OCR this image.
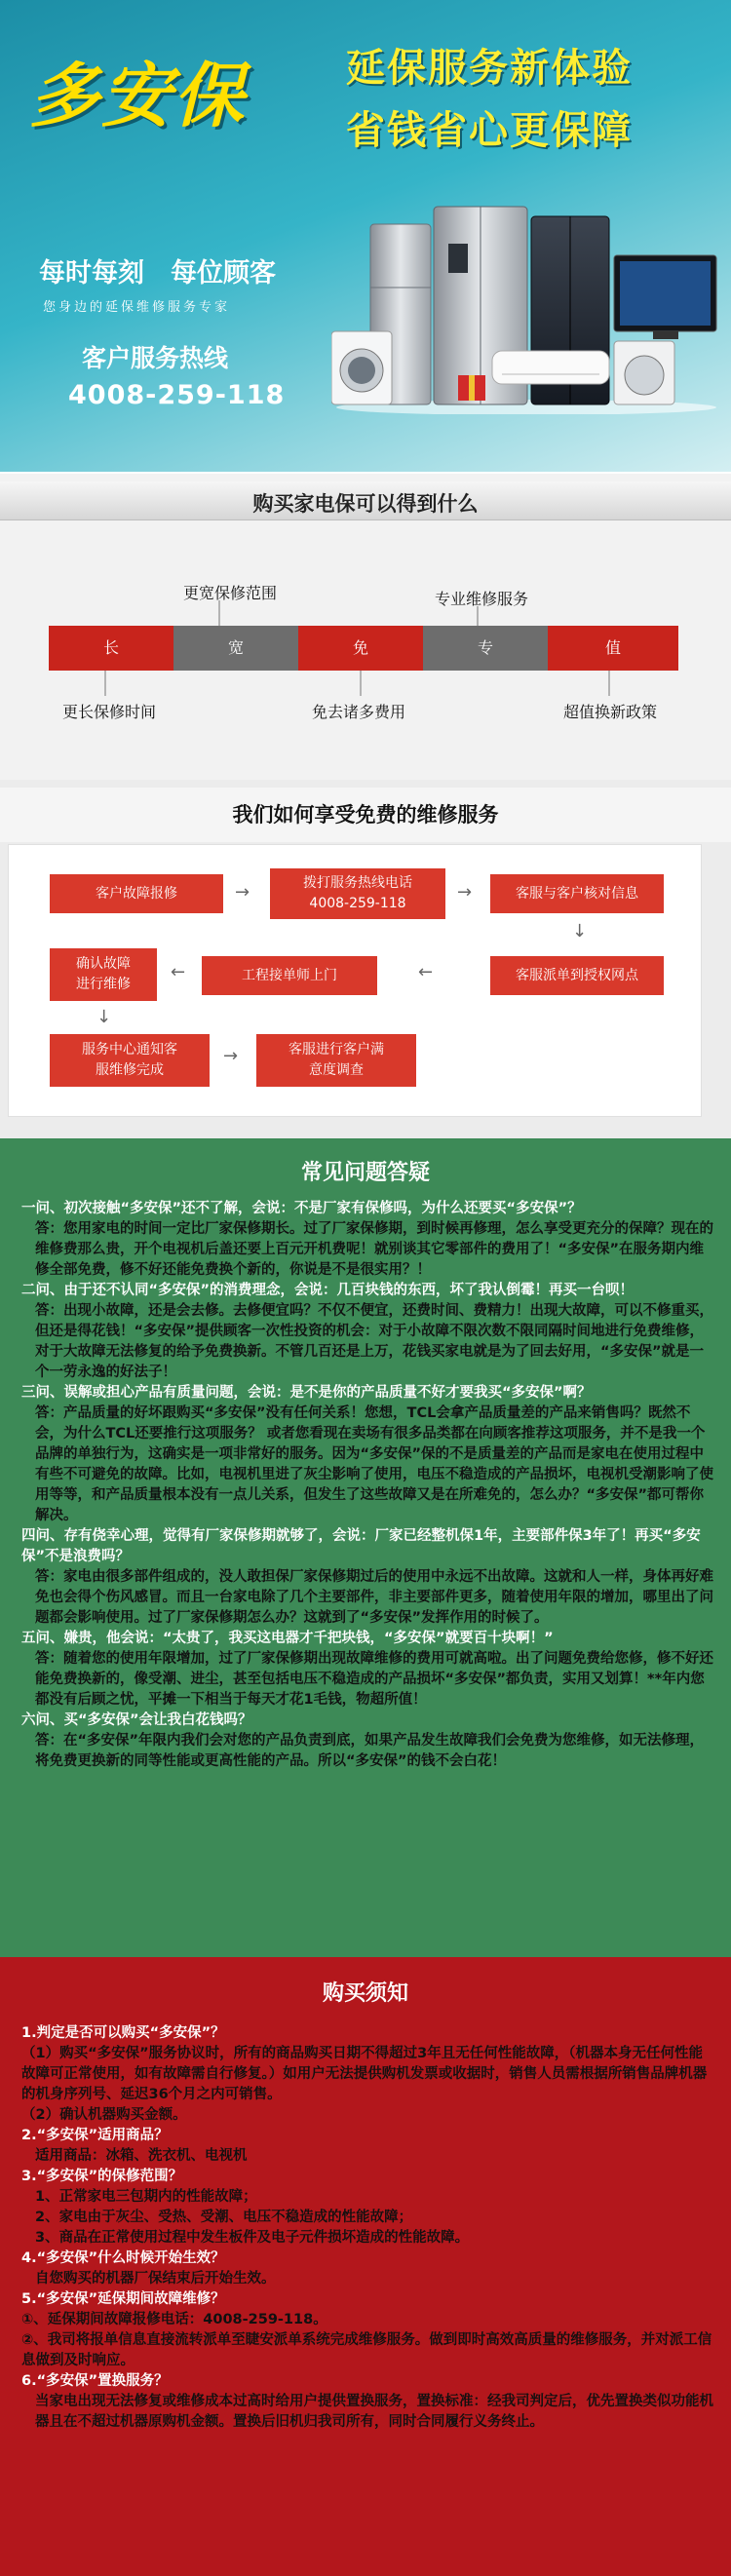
多安保	延保服务新体验
省钱省心更保障
每时每刻　每位顾客
您身边的延保维修服务专家
客户服务热线
4008-259-118
购买家电保可以得到什么
更宽保修范围	专业维修服务
长	宽	免	专	值
更长保修时间	免去诸多费用	超值换新政策
我们如何享受免费的维修服务
客户故障报修	→	拨打服务热线电话
4008-259-118
→	客服与客户核对信息
↓
确认故障
进行维修
←	工程接单师上门	←	客服派单到授权网点
↓
服务中心通知客
服维修完成
→	客服进行客户满
意度调查
常见问题答疑
一问、初次接触“多安保”还不了解，会说：不是厂家有保修吗，为什么还要买“多安保”？
答：您用家电的时间一定比厂家保修期长。过了厂家保修期，到时候再修理，怎么享受更充分的保障？现在的维修费那么贵，开个电视机后盖还要上百元开机费呢！就别谈其它零部件的费用了！“多安保”在服务期内维修全部免费，修不好还能免费换个新的，你说是不是很实用？！
二问、由于还不认同“多安保”的消费理念，会说：几百块钱的东西，坏了我认倒霉！再买一台呗！
答：出现小故障，还是会去修。去修便宜吗？不仅不便宜，还费时间、费精力！出现大故障，可以不修重买，但还是得花钱！“多安保”提供顾客一次性投资的机会：对于小故障不限次数不限同隔时间地进行免费维修，对于大故障无法修复的给予免费换新。不管几百还是上万，花钱买家电就是为了回去好用，“多安保”就是一个一劳永逸的好法子！
三问、误解或担心产品有质量问题，会说：是不是你的产品质量不好才要我买“多安保”啊？
答：产品质量的好坏跟购买“多安保”没有任何关系！您想，TCL会拿产品质量差的产品来销售吗？既然不会，为什么TCL还要推行这项服务？ 或者您看现在卖场有很多品类都在向顾客推荐这项服务，并不是我一个品牌的单独行为，这确实是一项非常好的服务。因为“多安保”保的不是质量差的产品而是家电在使用过程中有些不可避免的故障。比如，电视机里进了灰尘影响了使用，电压不稳造成的产品损坏，电视机受潮影响了使用等等，和产品质量根本没有一点儿关系，但发生了这些故障又是在所难免的，怎么办？“多安保”都可帮你解决。
四问、存有侥幸心理，觉得有厂家保修期就够了，会说：厂家已经整机保1年，主要部件保3年了！再买“多安保”不是浪费吗？
答：家电由很多部件组成的，没人敢担保厂家保修期过后的使用中永远不出故障。这就和人一样，身体再好难免也会得个伤风感冒。而且一台家电除了几个主要部件，非主要部件更多，随着使用年限的增加，哪里出了问题都会影响使用。过了厂家保修期怎么办？这就到了“多安保”发挥作用的时候了。
五问、嫌贵，他会说：“太贵了，我买这电器才千把块钱，“多安保”就要百十块啊！”
答：随着您的使用年限增加，过了厂家保修期出现故障维修的费用可就高啦。出了问题免费给您修，修不好还能免费换新的，像受潮、进尘，甚至包括电压不稳造成的产品损坏“多安保”都负责，实用又划算！**年内您都没有后顾之忧，平摊一下相当于每天才花1毛钱，物超所值！
六问、买“多安保”会让我白花钱吗？
答：在“多安保”年限内我们会对您的产品负责到底，如果产品发生故障我们会免费为您维修，如无法修理，将免费更换新的同等性能或更高性能的产品。所以“多安保”的钱不会白花！
购买须知
1.判定是否可以购买“多安保”？
（1）购买“多安保”服务协议时，所有的商品购买日期不得超过3年且无任何性能故障，（机器本身无任何性能故障可正常使用，如有故障需自行修复。）如用户无法提供购机发票或收据时，销售人员需根据所销售品牌机器的机身序列号、延迟36个月之内可销售。
（2）确认机器购买金额。
2.“多安保”适用商品？
适用商品：冰箱、洗衣机、电视机
3.“多安保”的保修范围？
1、正常家电三包期内的性能故障；
2、家电由于灰尘、受热、受潮、电压不稳造成的性能故障；
3、商品在正常使用过程中发生板件及电子元件损坏造成的性能故障。
4.“多安保”什么时候开始生效？
自您购买的机器厂保结束后开始生效。
5.“多安保”延保期间故障维修？
①、延保期间故障报修电话：4008-259-118。
②、我司将报单信息直接流转派单至睫安派单系统完成维修服务。做到即时高效高质量的维修服务，并对派工信息做到及时响应。
6.“多安保”置换服务？
当家电出现无法修复或维修成本过高时给用户提供置换服务，置换标准：经我司判定后，优先置换类似功能机器且在不超过机器原购机金额。置换后旧机归我司所有，同时合同履行义务终止。
